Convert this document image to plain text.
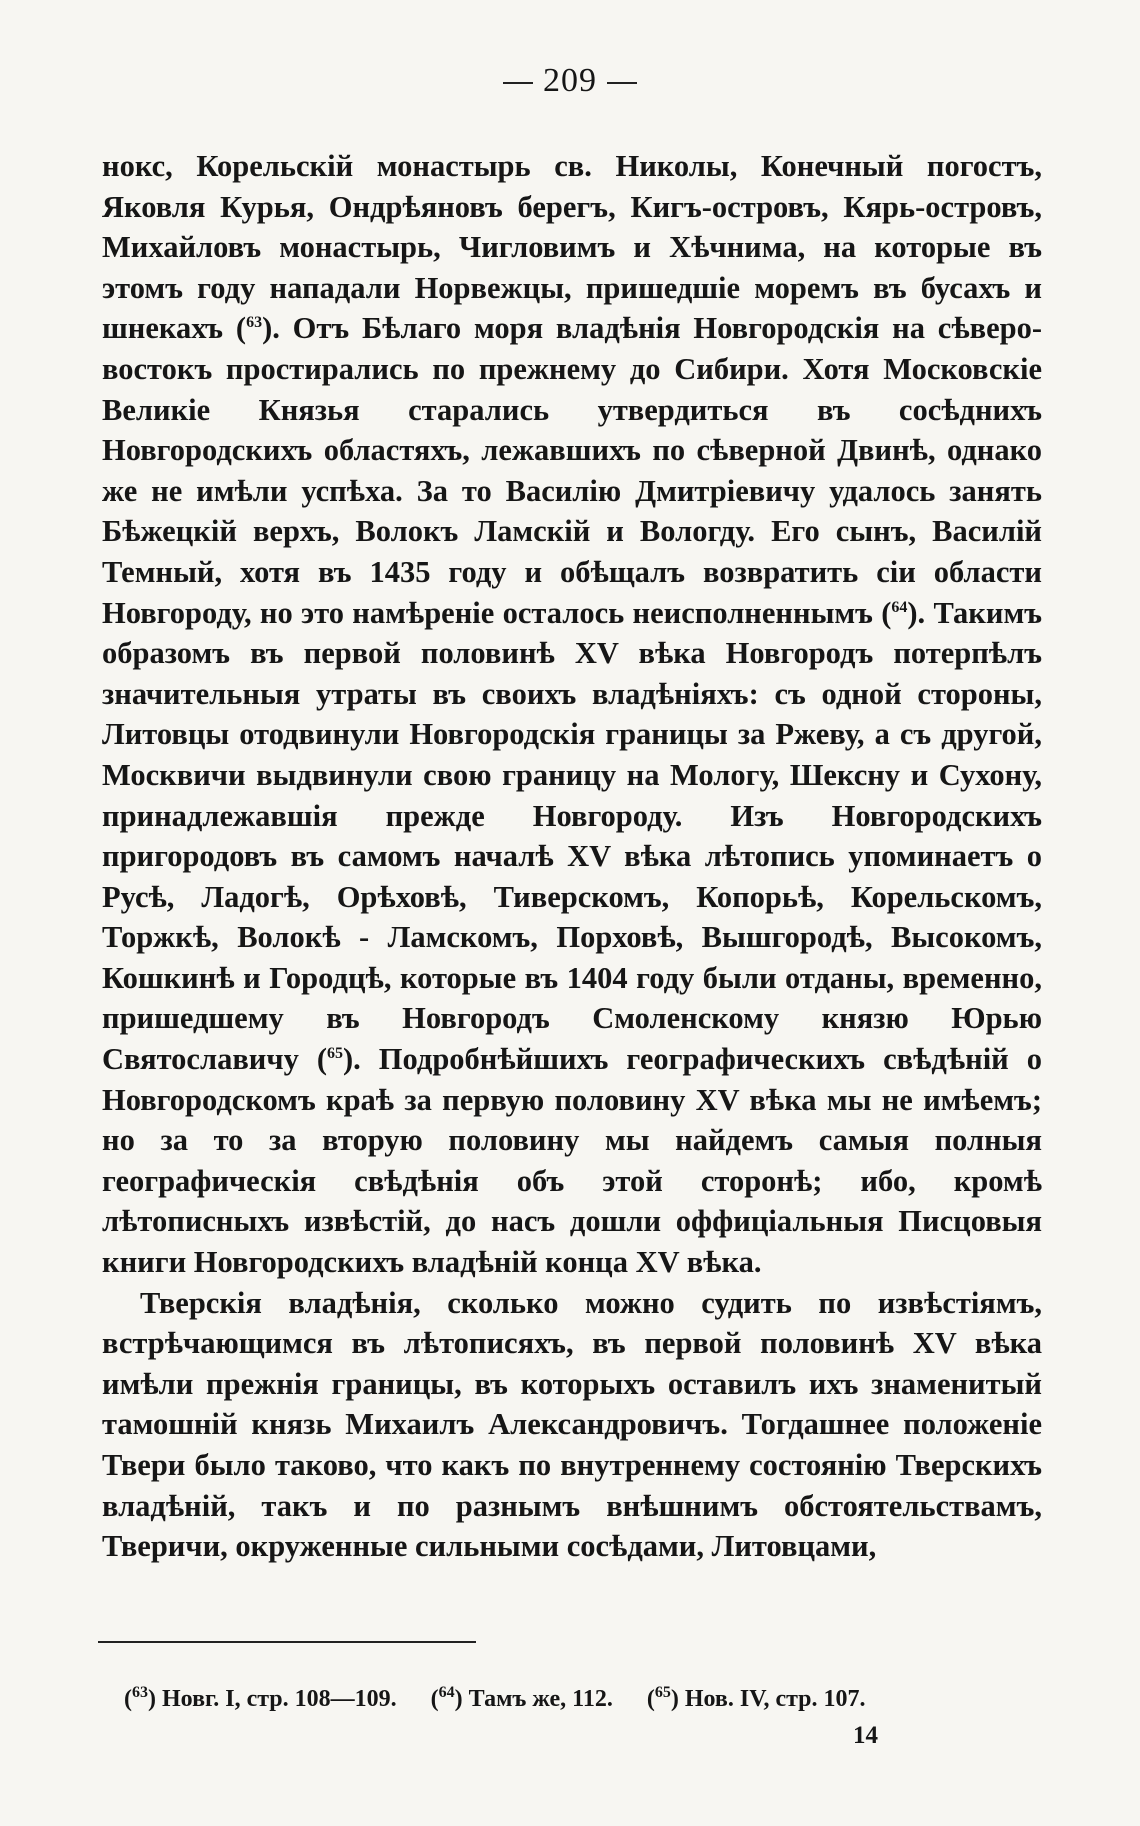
209

нокс, Корельскій монастырь св. Николы, Конечный погостъ, Яковля Курья, Ондрѣяновъ берегъ, Кигъ-островъ, Кярь-островъ, Михайловъ монастырь, Чигловимъ и Хѣчнима, на которые въ этомъ году нападали Норвежцы, пришедшіе моремъ въ бусахъ и шнекахъ ($^{63}$). Отъ Бѣлаго моря владѣнія Новгородскія на сѣверо-востокъ простирались по прежнему до Сибири. Хотя Московскіе Великіе Князья старались утвердиться въ сосѣднихъ Новгородскихъ областяхъ, лежавшихъ по сѣверной Двинѣ, однако же не имѣли успѣха. За то Василію Дмитріевичу удалось занять Бѣжецкій верхъ, Волокъ Ламскій и Вологду. Его сынъ, Василій Темный, хотя въ 1435 году и обѣщалъ возвратить сіи области Новгороду, но это намѣреніе осталось неисполненнымъ ($^{64}$). Такимъ образомъ въ первой половинѣ XV вѣка Новгородъ потерпѣлъ значительныя утраты въ своихъ владѣніяхъ: съ одной стороны, Литовцы отодвинули Новгородскія границы за Ржеву, а съ другой, Москвичи выдвинули свою границу на Мологу, Шексну и Сухону, принадлежавшія прежде Новгороду. Изъ Новгородскихъ пригородовъ въ самомъ началѣ XV вѣка лѣтопись упоминаетъ о Русѣ, Ладогѣ, Орѣховѣ, Тиверскомъ, Копорьѣ, Корельскомъ, Торжкѣ, Волокѣ - Ламскомъ, Порховѣ, Вышгородѣ, Высокомъ, Кошкинѣ и Городцѣ, которые въ 1404 году были отданы, временно, пришедшему въ Новгородъ Смоленскому князю Юрью Святославичу ($^{65}$). Подробнѣйшихъ географическихъ свѣдѣній о Новгородскомъ краѣ за первую половину XV вѣка мы не имѣемъ; но за то за вторую половину мы найдемъ самыя полныя географическія свѣдѣнія объ этой сторонѣ; ибо, кромѣ лѣтописныхъ извѣстій, до насъ дошли оффиціальныя Писцовыя книги Новгородскихъ владѣній конца XV вѣка.

Тверскія владѣнія, сколько можно судить по извѣстіямъ, встрѣчающимся въ лѣтописяхъ, въ первой половинѣ XV вѣка имѣли прежнія границы, въ которыхъ оставилъ ихъ знаменитый тамошній князь Михаилъ Александровичъ. Тогдашнее положеніе Твери было таково, что какъ по внутреннему состоянію Тверскихъ владѣній, такъ и по разнымъ внѣшнимъ обстоятельствамъ, Тверичи, окруженные сильными сосѣдами, Литовцами,

($^{63}$) Новг. I, стр. 108—109. ($^{64}$) Тамъ же, 112. ($^{65}$) Нов. IV, стр. 107.
14
